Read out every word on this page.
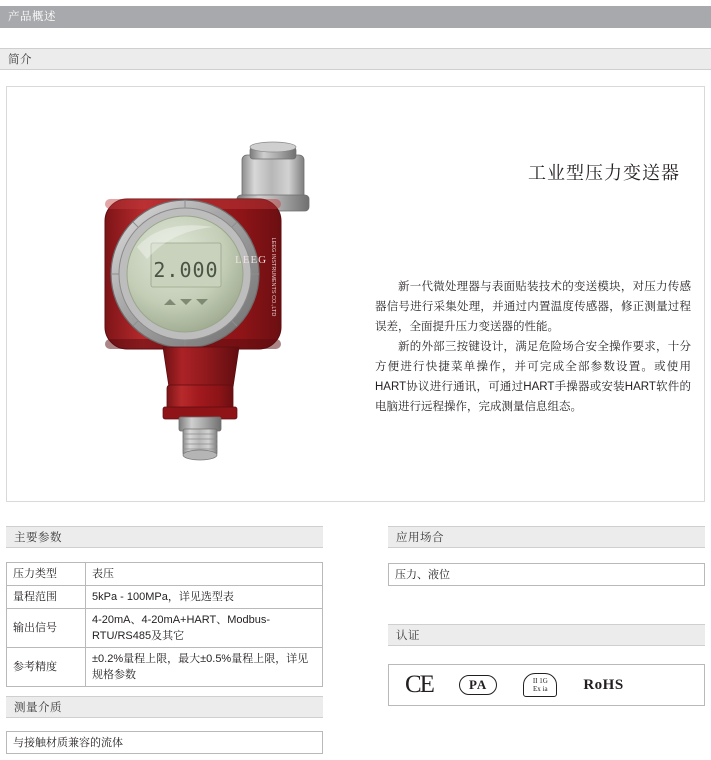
产品概述
简介
2.000	LEEG INSTRUMENTS CO.,LTD
LEEG
工业型压力变送器

新一代微处理器与表面贴装技术的变送模块，对压力传感器信号进行采集处理，并通过内置温度传感器，修正测量过程误差，全面提升压力变送器的性能。

新的外部三按键设计，满足危险场合安全操作要求，十分方便进行快捷菜单操作，并可完成全部参数设置。或使用HART协议进行通讯，可通过HART手操器或安装HART软件的电脑进行远程操作，完成测量信息组态。

主要参数
压力类型	表压
量程范围	5kPa - 100MPa，详见选型表
输出信号	4-20mA、4-20mA+HART、Modbus-RTU/RS485及其它
参考精度	±0.2%量程上限，最大±0.5%量程上限，详见规格参数
测量介质
与接触材质兼容的流体
应用场合
压力、液位
认证
CE	PA	II 1G
Ex ia RoHS
